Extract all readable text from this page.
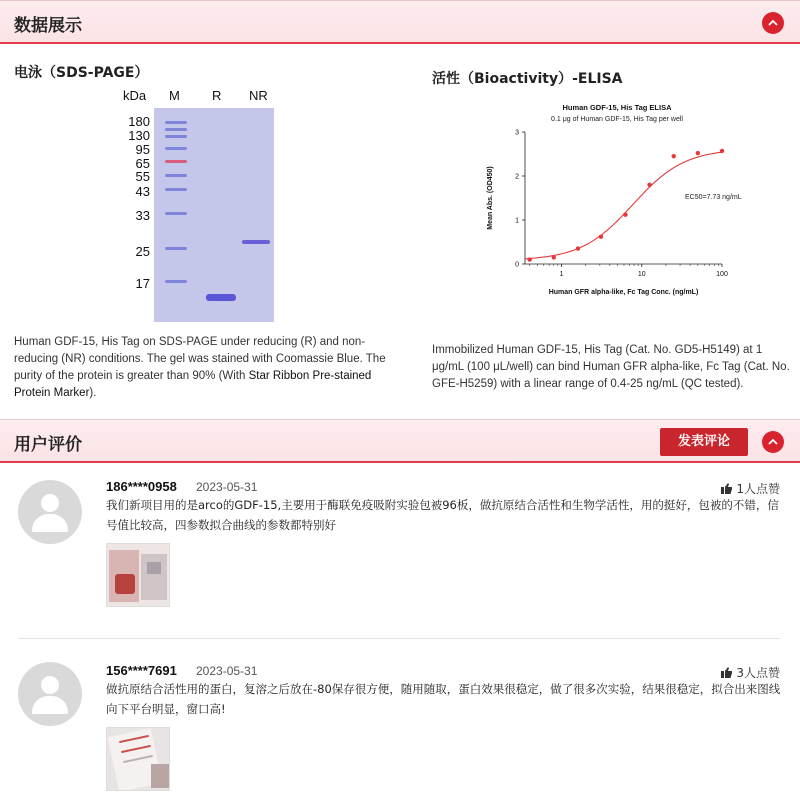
数据展示
电泳（SDS-PAGE）
kDa M R NR
180
130
95
65
55
43
33
25
17
Human GDF-15, His Tag on SDS-PAGE under reducing (R) and non-reducing (NR) conditions. The gel was stained with Coomassie Blue. The purity of the protein is greater than 90% (With Star Ribbon Pre-stained Protein Marker).
活性（Bioactivity）-ELISA
Human GDF-15, His Tag ELISA
0.1 μg of Human GDF-15, His Tag per well
0
1
2
3
1	10	100
Human GFR alpha-like, Fc Tag Conc. (ng/mL)
Mean Abs. (OD450)	EC50=7.73 ng/mL
Immobilized Human GDF-15, His Tag (Cat. No. GD5-H5149) at 1 μg/mL (100 μL/well) can bind Human GFR alpha-like, Fc Tag (Cat. No. GFE-H5259) with a linear range of 0.4-25 ng/mL (QC tested).
用户评价	发表评论
186****0958 2023-05-31	1人点赞
我们新项目用的是arco的GDF-15,主要用于酶联免疫吸附实验包被96板，做抗原结合活性和生物学活性，用的挺好，包被的不错，信号值比较高，四参数拟合曲线的参数都特别好
156****7691 2023-05-31	3人点赞
做抗原结合活性用的蛋白，复溶之后放在-80保存很方便，随用随取，蛋白效果很稳定，做了很多次实验，结果很稳定，拟合出来图线向下平台明显，窗口高!
